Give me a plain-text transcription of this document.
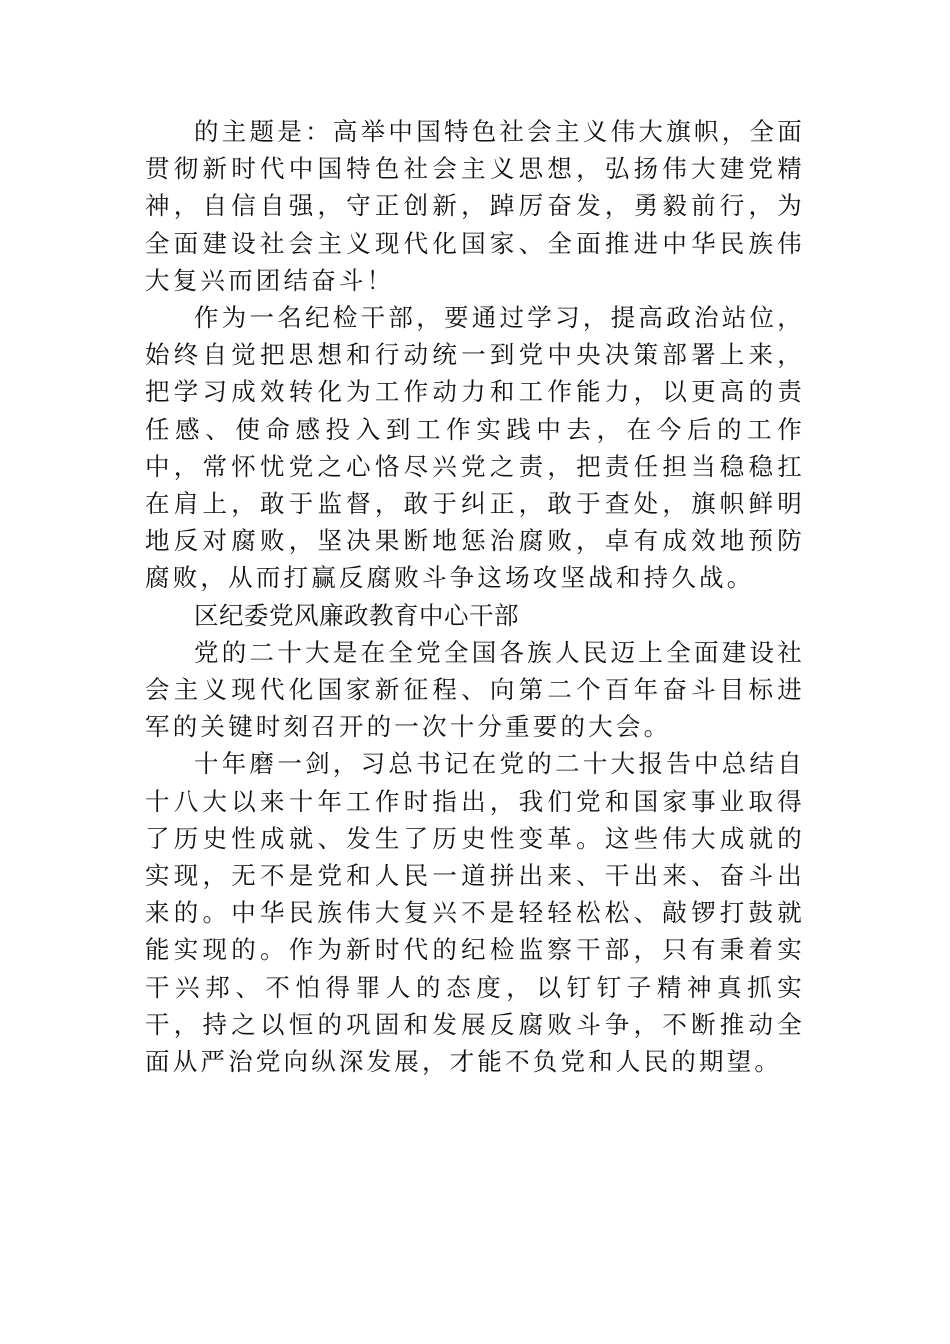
的主题是：高举中国特色社会主义伟大旗帜，全面贯彻新时代中国特色社会主义思想，弘扬伟大建党精神，自信自强，守正创新，踔厉奋发，勇毅前行，为全面建设社会主义现代化国家、全面推进中华民族伟大复兴而团结奋斗！

作为一名纪检干部，要通过学习，提高政治站位，始终自觉把思想和行动统一到党中央决策部署上来，把学习成效转化为工作动力和工作能力，以更高的责任感、使命感投入到工作实践中去，在今后的工作中，常怀忧党之心恪尽兴党之责，把责任担当稳稳扛在肩上，敢于监督，敢于纠正，敢于查处，旗帜鲜明地反对腐败，坚决果断地惩治腐败，卓有成效地预防腐败，从而打赢反腐败斗争这场攻坚战和持久战。

区纪委党风廉政教育中心干部

党的二十大是在全党全国各族人民迈上全面建设社会主义现代化国家新征程、向第二个百年奋斗目标进军的关键时刻召开的一次十分重要的大会。

十年磨一剑，习总书记在党的二十大报告中总结自十八大以来十年工作时指出，我们党和国家事业取得了历史性成就、发生了历史性变革。这些伟大成就的实现，无不是党和人民一道拼出来、干出来、奋斗出来的。中华民族伟大复兴不是轻轻松松、敲锣打鼓就能实现的。作为新时代的纪检监察干部，只有秉着实干兴邦、不怕得罪人的态度，以钉钉子精神真抓实干，持之以恒的巩固和发展反腐败斗争，不断推动全面从严治党向纵深发展，才能不负党和人民的期望。
